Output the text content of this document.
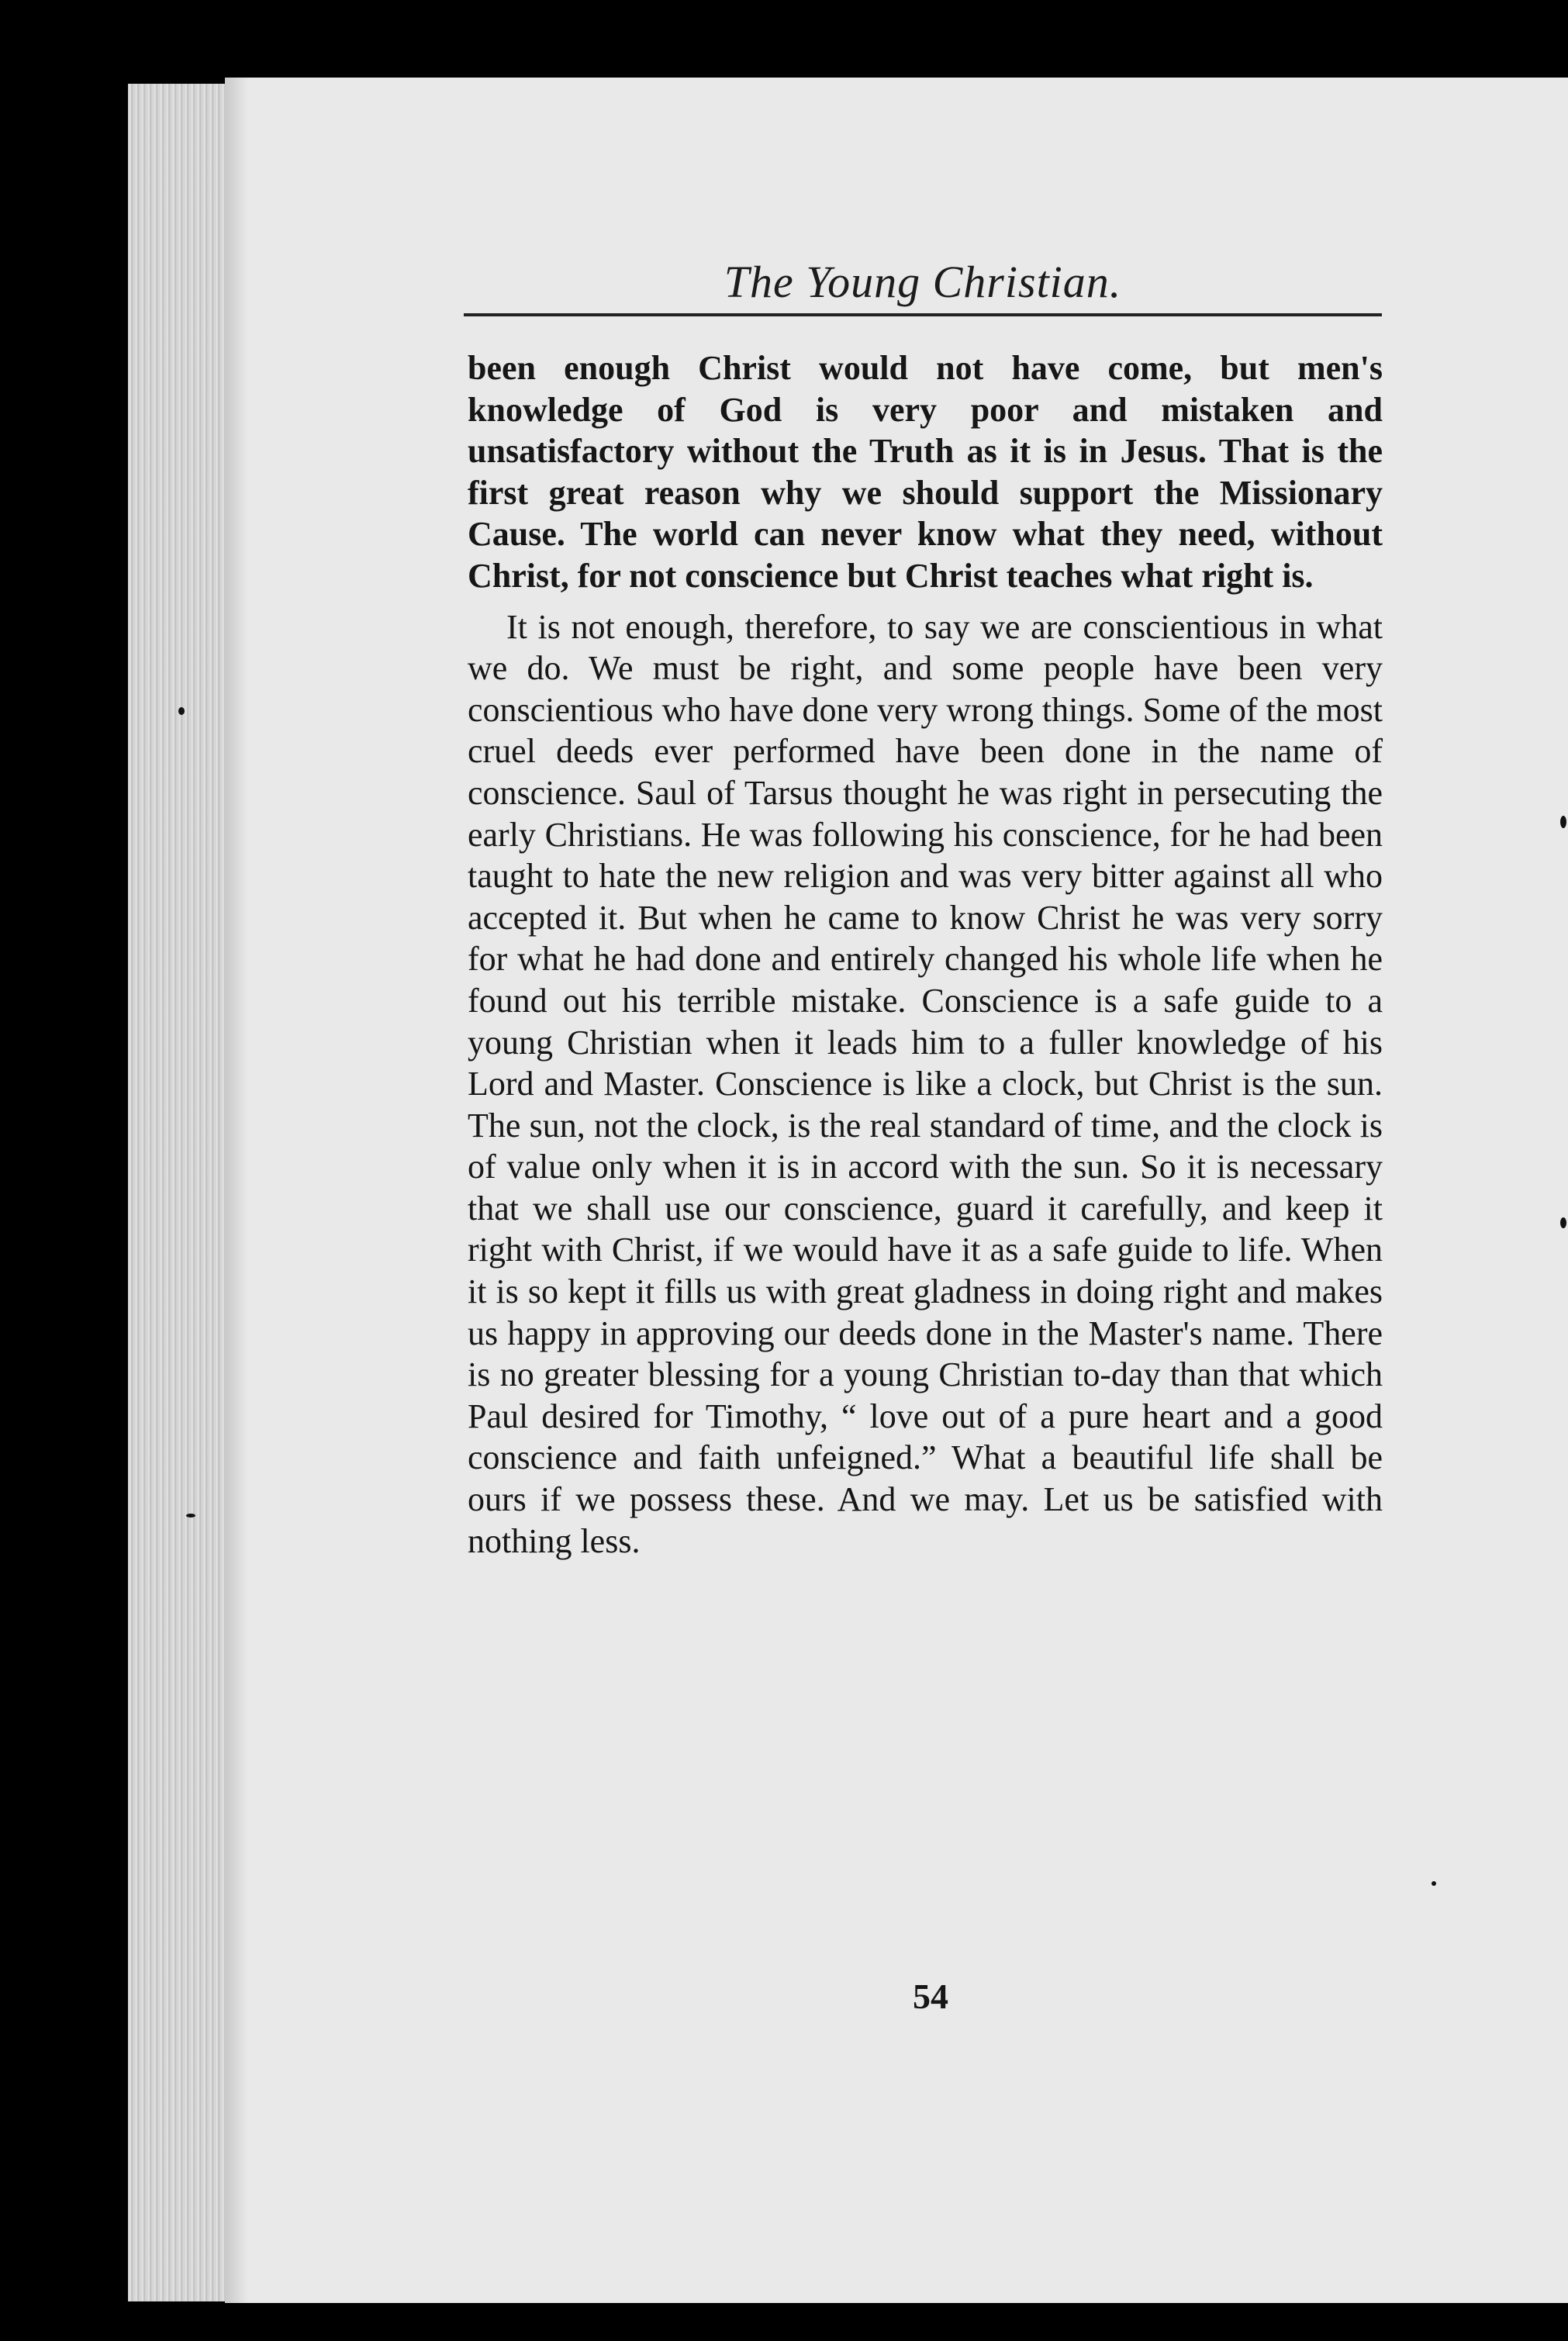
The Young Christian.

been enough Christ would not have come, but men's knowledge of God is very poor and mistaken and unsatisfactory without the Truth as it is in Jesus. That is the first great reason why we should support the Missionary Cause. The world can never know what they need, without Christ, for not conscience but Christ teaches what right is.

It is not enough, therefore, to say we are conscientious in what we do. We must be right, and some people have been very conscientious who have done very wrong things. Some of the most cruel deeds ever performed have been done in the name of conscience. Saul of Tarsus thought he was right in persecuting the early Christians. He was following his conscience, for he had been taught to hate the new religion and was very bitter against all who accepted it. But when he came to know Christ he was very sorry for what he had done and entirely changed his whole life when he found out his terrible mistake. Conscience is a safe guide to a young Christian when it leads him to a fuller knowledge of his Lord and Master. Conscience is like a clock, but Christ is the sun. The sun, not the clock, is the real standard of time, and the clock is of value only when it is in accord with the sun. So it is necessary that we shall use our conscience, guard it carefully, and keep it right with Christ, if we would have it as a safe guide to life. When it is so kept it fills us with great gladness in doing right and makes us happy in approving our deeds done in the Master's name. There is no greater blessing for a young Christian to-day than that which Paul desired for Timothy, “ love out of a pure heart and a good conscience and faith unfeigned.” What a beautiful life shall be ours if we possess these. And we may. Let us be satisfied with nothing less.

54
